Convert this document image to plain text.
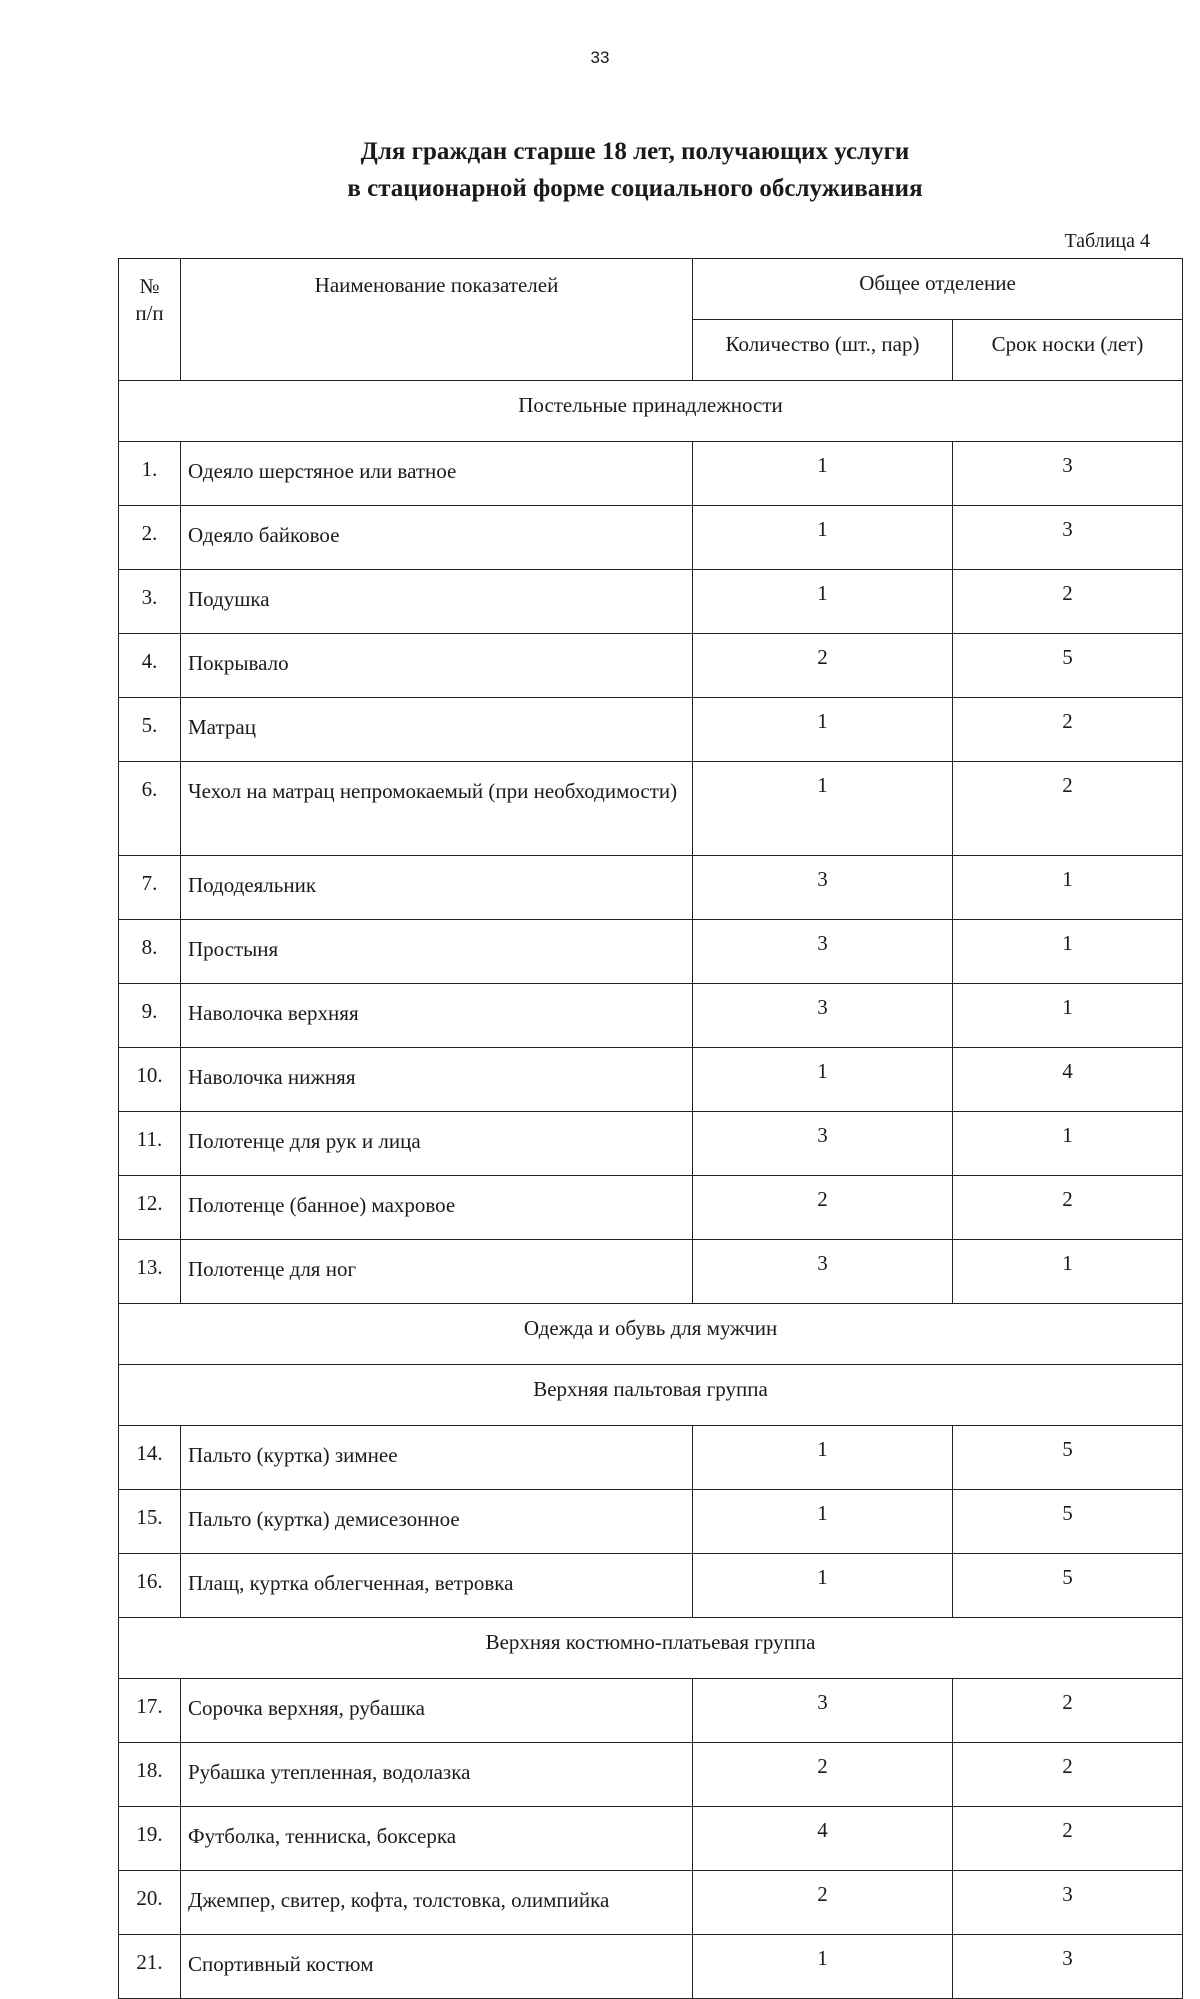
33
Для граждан старше 18 лет, получающих услуги
в стационарной форме социального обслуживания
Таблица 4
№
п/п	Наименование показателей	Общее отделение	
		Количество (шт., пар)	Срок носки (лет)
Постельные принадлежности			
1.	Одеяло шерстяное или ватное	1	3
2.	Одеяло байковое	1	3
3.	Подушка	1	2
4.	Покрывало	2	5
5.	Матрац	1	2
6.	Чехол на матрац непромокаемый (при необходимости)	1	2
7.	Пододеяльник	3	1
8.	Простыня	3	1
9.	Наволочка верхняя	3	1
10.	Наволочка нижняя	1	4
11.	Полотенце для рук и лица	3	1
12.	Полотенце (банное) махровое	2	2
13.	Полотенце для ног	3	1
Одежда и обувь для мужчин			
Верхняя пальтовая группа			
14.	Пальто (куртка) зимнее	1	5
15.	Пальто (куртка) демисезонное	1	5
16.	Плащ, куртка облегченная, ветровка	1	5
Верхняя костюмно-платьевая группа			
17.	Сорочка верхняя, рубашка	3	2
18.	Рубашка утепленная, водолазка	2	2
19.	Футболка, тенниска, боксерка	4	2
20.	Джемпер, свитер, кофта, толстовка, олимпийка	2	3
21.	Спортивный костюм	1	3
